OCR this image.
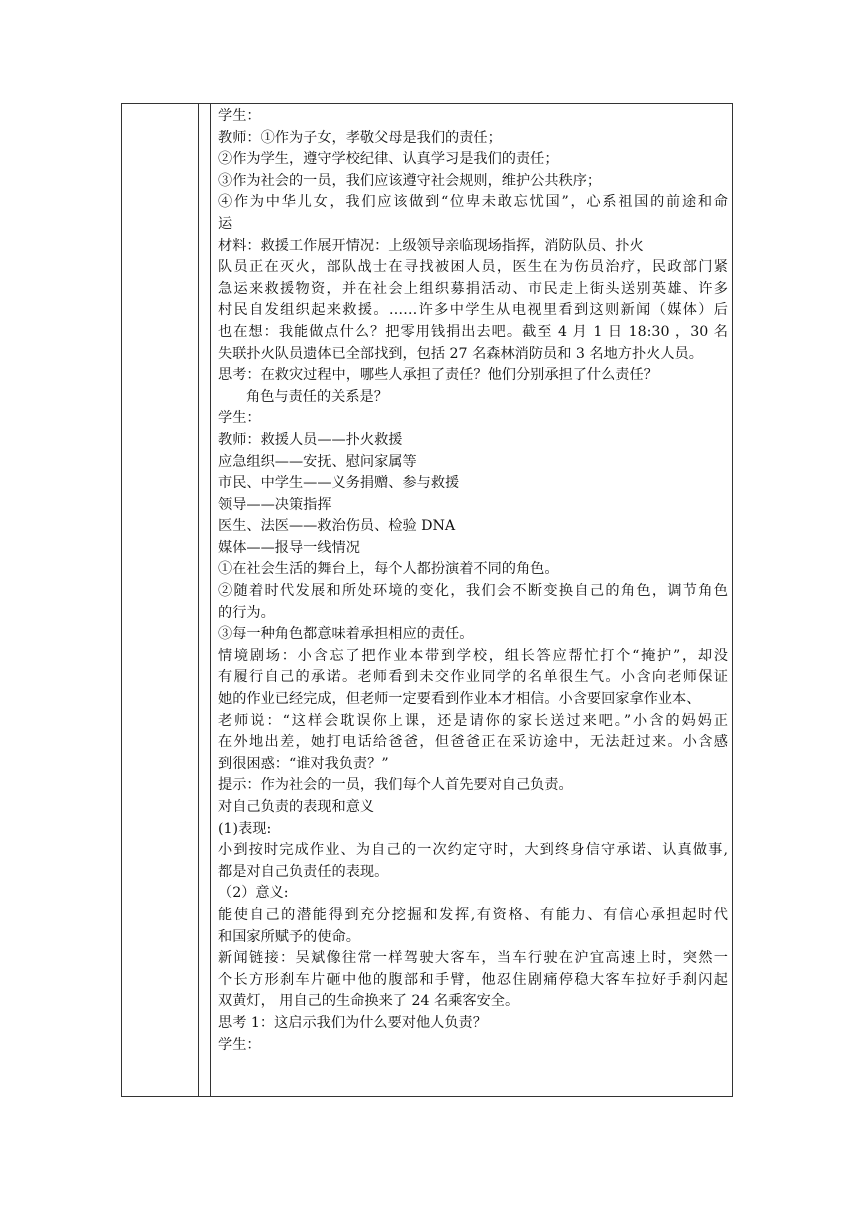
学生：
教师：①作为子女，孝敬父母是我们的责任；
②作为学生，遵守学校纪律、认真学习是我们的责任；
③作为社会的一员，我们应该遵守社会规则，维护公共秩序；
④作为中华儿女，我们应该做到“位卑未敢忘忧国”，心系祖国的前途和命
运
材料：救援工作展开情况：上级领导亲临现场指挥，消防队员、扑火
队员正在灭火，部队战士在寻找被困人员，医生在为伤员治疗，民政部门紧
急运来救援物资，并在社会上组织募捐活动、市民走上街头送别英雄、许多
村民自发组织起来救援。……许多中学生从电视里看到这则新闻（媒体）后
也在想：我能做点什么？把零用钱捐出去吧。截至 4 月 1 日 18:30 ，30 名
失联扑火队员遗体已全部找到，包括 27 名森林消防员和 3 名地方扑火人员。
思考：在救灾过程中，哪些人承担了责任？他们分别承担了什么责任？
角色与责任的关系是？
学生：
教师：救援人员——扑火救援
应急组织——安抚、慰问家属等
市民、中学生——义务捐赠、参与救援
领导——决策指挥
医生、法医——救治伤员、检验 DNA
媒体——报导一线情况
①在社会生活的舞台上，每个人都扮演着不同的角色。
②随着时代发展和所处环境的变化，我们会不断变换自己的角色，调节角色
的行为。
③每一种角色都意味着承担相应的责任。
情境剧场：小含忘了把作业本带到学校，组长答应帮忙打个“掩护”，却没
有履行自己的承诺。老师看到未交作业同学的名单很生气。小含向老师保证
她的作业已经完成，但老师一定要看到作业本才相信。小含要回家拿作业本、
老师说：“这样会耽误你上课，还是请你的家长送过来吧。”小含的妈妈正
在外地出差，她打电话给爸爸，但爸爸正在采访途中，无法赶过来。小含感
到很困惑：“谁对我负责？”
提示：作为社会的一员，我们每个人首先要对自己负责。
对自己负责的表现和意义
(1)表现:
小到按时完成作业、为自己的一次约定守时，大到终身信守承诺、认真做事,
都是对自己负责任的表现。
（2）意义:
能使自己的潜能得到充分挖掘和发挥,有资格、有能力、有信心承担起时代
和国家所赋予的使命。
新闻链接：吴斌像往常一样驾驶大客车，当车行驶在沪宜高速上时，突然一
个长方形刹车片砸中他的腹部和手臂，他忍住剧痛停稳大客车拉好手刹闪起
双黄灯， 用自己的生命换来了 24 名乘客安全。
思考 1：这启示我们为什么要对他人负责？
学生：
